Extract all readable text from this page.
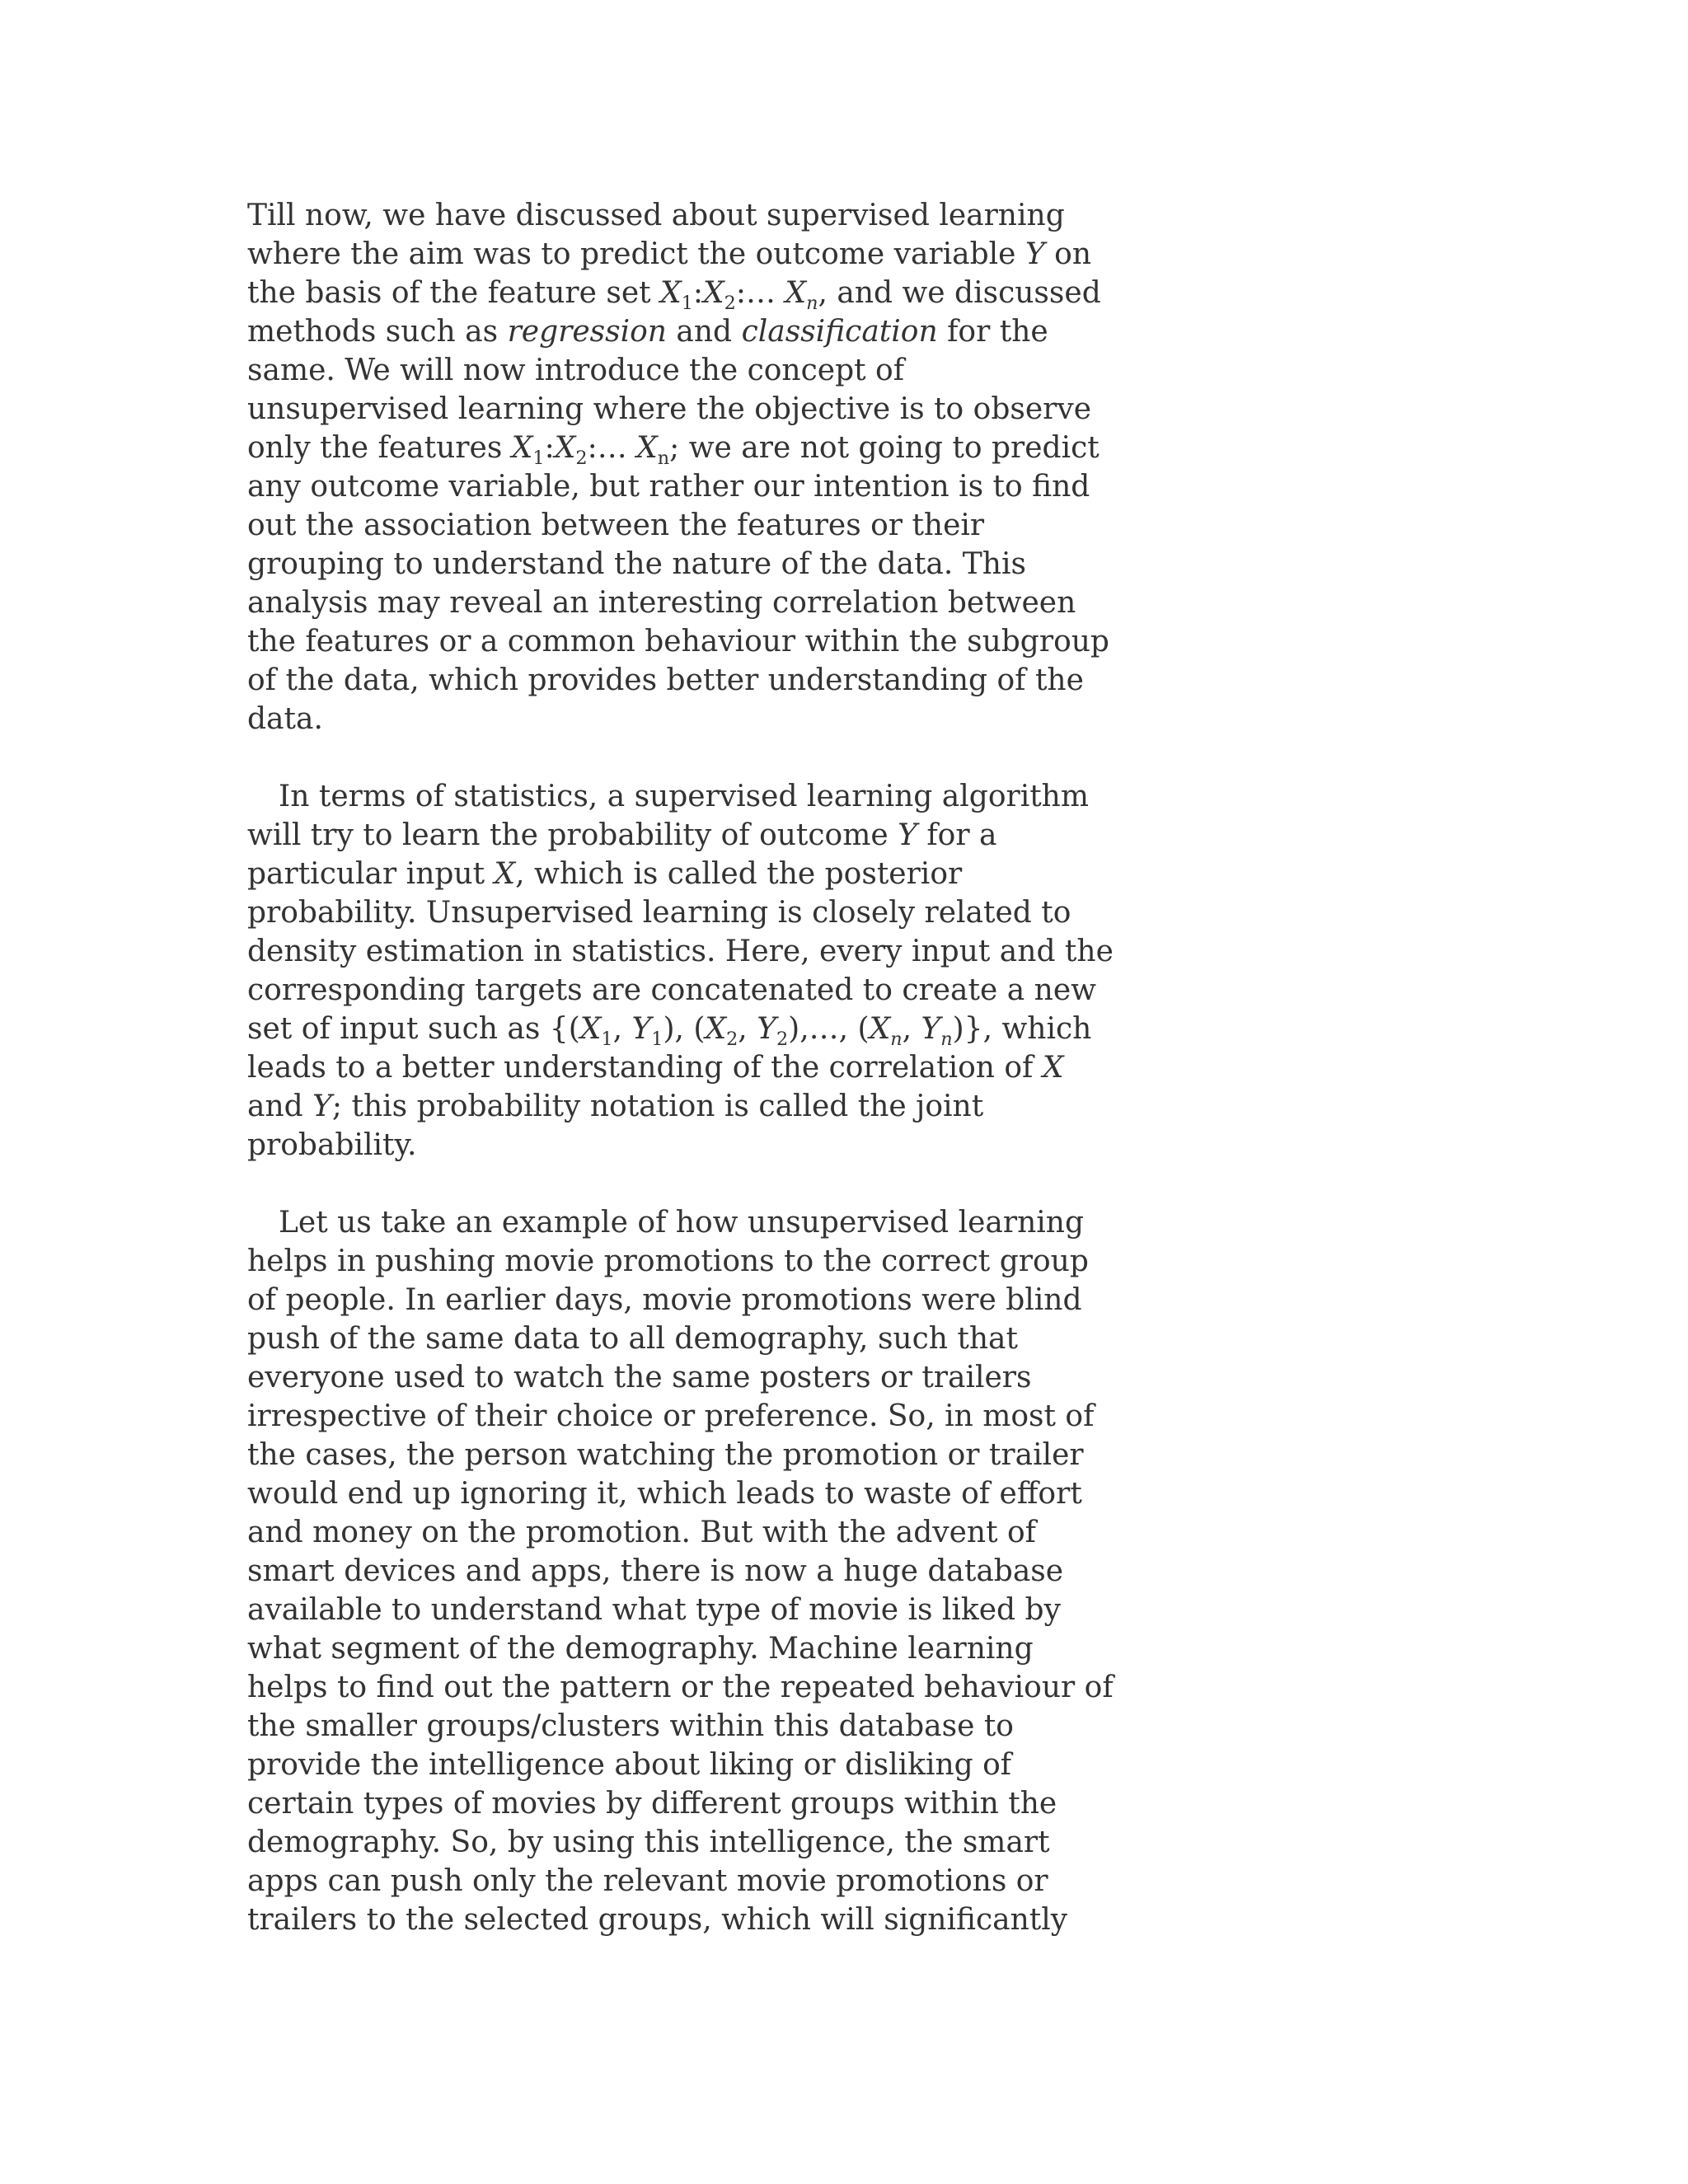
Till now, we have discussed about supervised learning
where the aim was to predict the outcome variable Y on
the basis of the feature set $X_1:X_2:\dots$ $X_n$, and we discussed
methods such as regression and classification for the
same. We will now introduce the concept of
unsupervised learning where the objective is to observe
only the features $X_1:X_2:\dots$ $X_n$; we are not going to predict
any outcome variable, but rather our intention is to find
out the association between the features or their
grouping to understand the nature of the data. This
analysis may reveal an interesting correlation between
the features or a common behaviour within the subgroup
of the data, which provides better understanding of the
data.
In terms of statistics, a supervised learning algorithm
will try to learn the probability of outcome Y for a
particular input X, which is called the posterior
probability. Unsupervised learning is closely related to
density estimation in statistics. Here, every input and the
corresponding targets are concatenated to create a new
set of input such as {($X_1$, $Y_1$), ($X_2$, $Y_2),\dots$, ($X_n$, $Y_n$)}, which
leads to a better understanding of the correlation of X
and Y; this probability notation is called the joint
probability.
Let us take an example of how unsupervised learning
helps in pushing movie promotions to the correct group
of people. In earlier days, movie promotions were blind
push of the same data to all demography, such that
everyone used to watch the same posters or trailers
irrespective of their choice or preference. So, in most of
the cases, the person watching the promotion or trailer
would end up ignoring it, which leads to waste of effort
and money on the promotion. But with the advent of
smart devices and apps, there is now a huge database
available to understand what type of movie is liked by
what segment of the demography. Machine learning
helps to find out the pattern or the repeated behaviour of
the smaller groups/clusters within this database to
provide the intelligence about liking or disliking of
certain types of movies by different groups within the
demography. So, by using this intelligence, the smart
apps can push only the relevant movie promotions or
trailers to the selected groups, which will significantly
